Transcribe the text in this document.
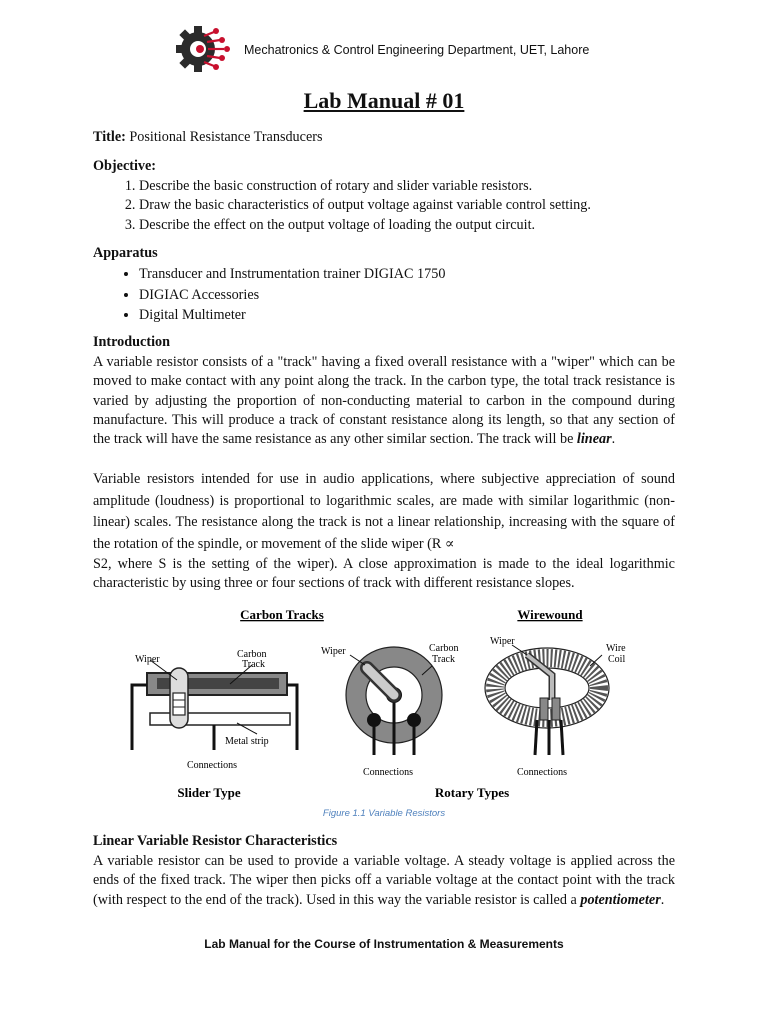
Mechatronics & Control Engineering Department, UET, Lahore
Lab Manual # 01
Title: Positional Resistance Transducers
Objective:
1. Describe the basic construction of rotary and slider variable resistors.
2. Draw the basic characteristics of output voltage against variable control setting.
3. Describe the effect on the output voltage of loading the output circuit.
Apparatus
• Transducer and Instrumentation trainer DIGIAC 1750
• DIGIAC Accessories
• Digital Multimeter
Introduction
A variable resistor consists of a "track" having a fixed overall resistance with a "wiper" which can be moved to make contact with any point along the track. In the carbon type, the total track resistance is varied by adjusting the proportion of non-conducting material to carbon in the compound during manufacture. This will produce a track of constant resistance along its length, so that any section of the track will have the same resistance as any other similar section. The track will be linear.
Variable resistors intended for use in audio applications, where subjective appreciation of sound amplitude (loudness) is proportional to logarithmic scales, are made with similar logarithmic (non-linear) scales. The resistance along the track is not a linear relationship, increasing with the square of the rotation of the spindle, or movement of the slide wiper (R ∝
S2, where S is the setting of the wiper). A close approximation is made to the ideal logarithmic characteristic by using three or four sections of track with different resistance slopes.
Carbon Tracks	Wirewound
Wiper	Carbon
Track
Metal strip
Connections
Slider Type
Wiper	Carbon
Track
Connections
Wiper
Wire
Coil
Connections
Rotary Types
Figure 1.1 Variable Resistors
Linear Variable Resistor Characteristics
A variable resistor can be used to provide a variable voltage. A steady voltage is applied across the ends of the fixed track. The wiper then picks off a variable voltage at the contact point with the track (with respect to the end of the track). Used in this way the variable resistor is called a potentiometer.
Lab Manual for the Course of Instrumentation & Measurements
